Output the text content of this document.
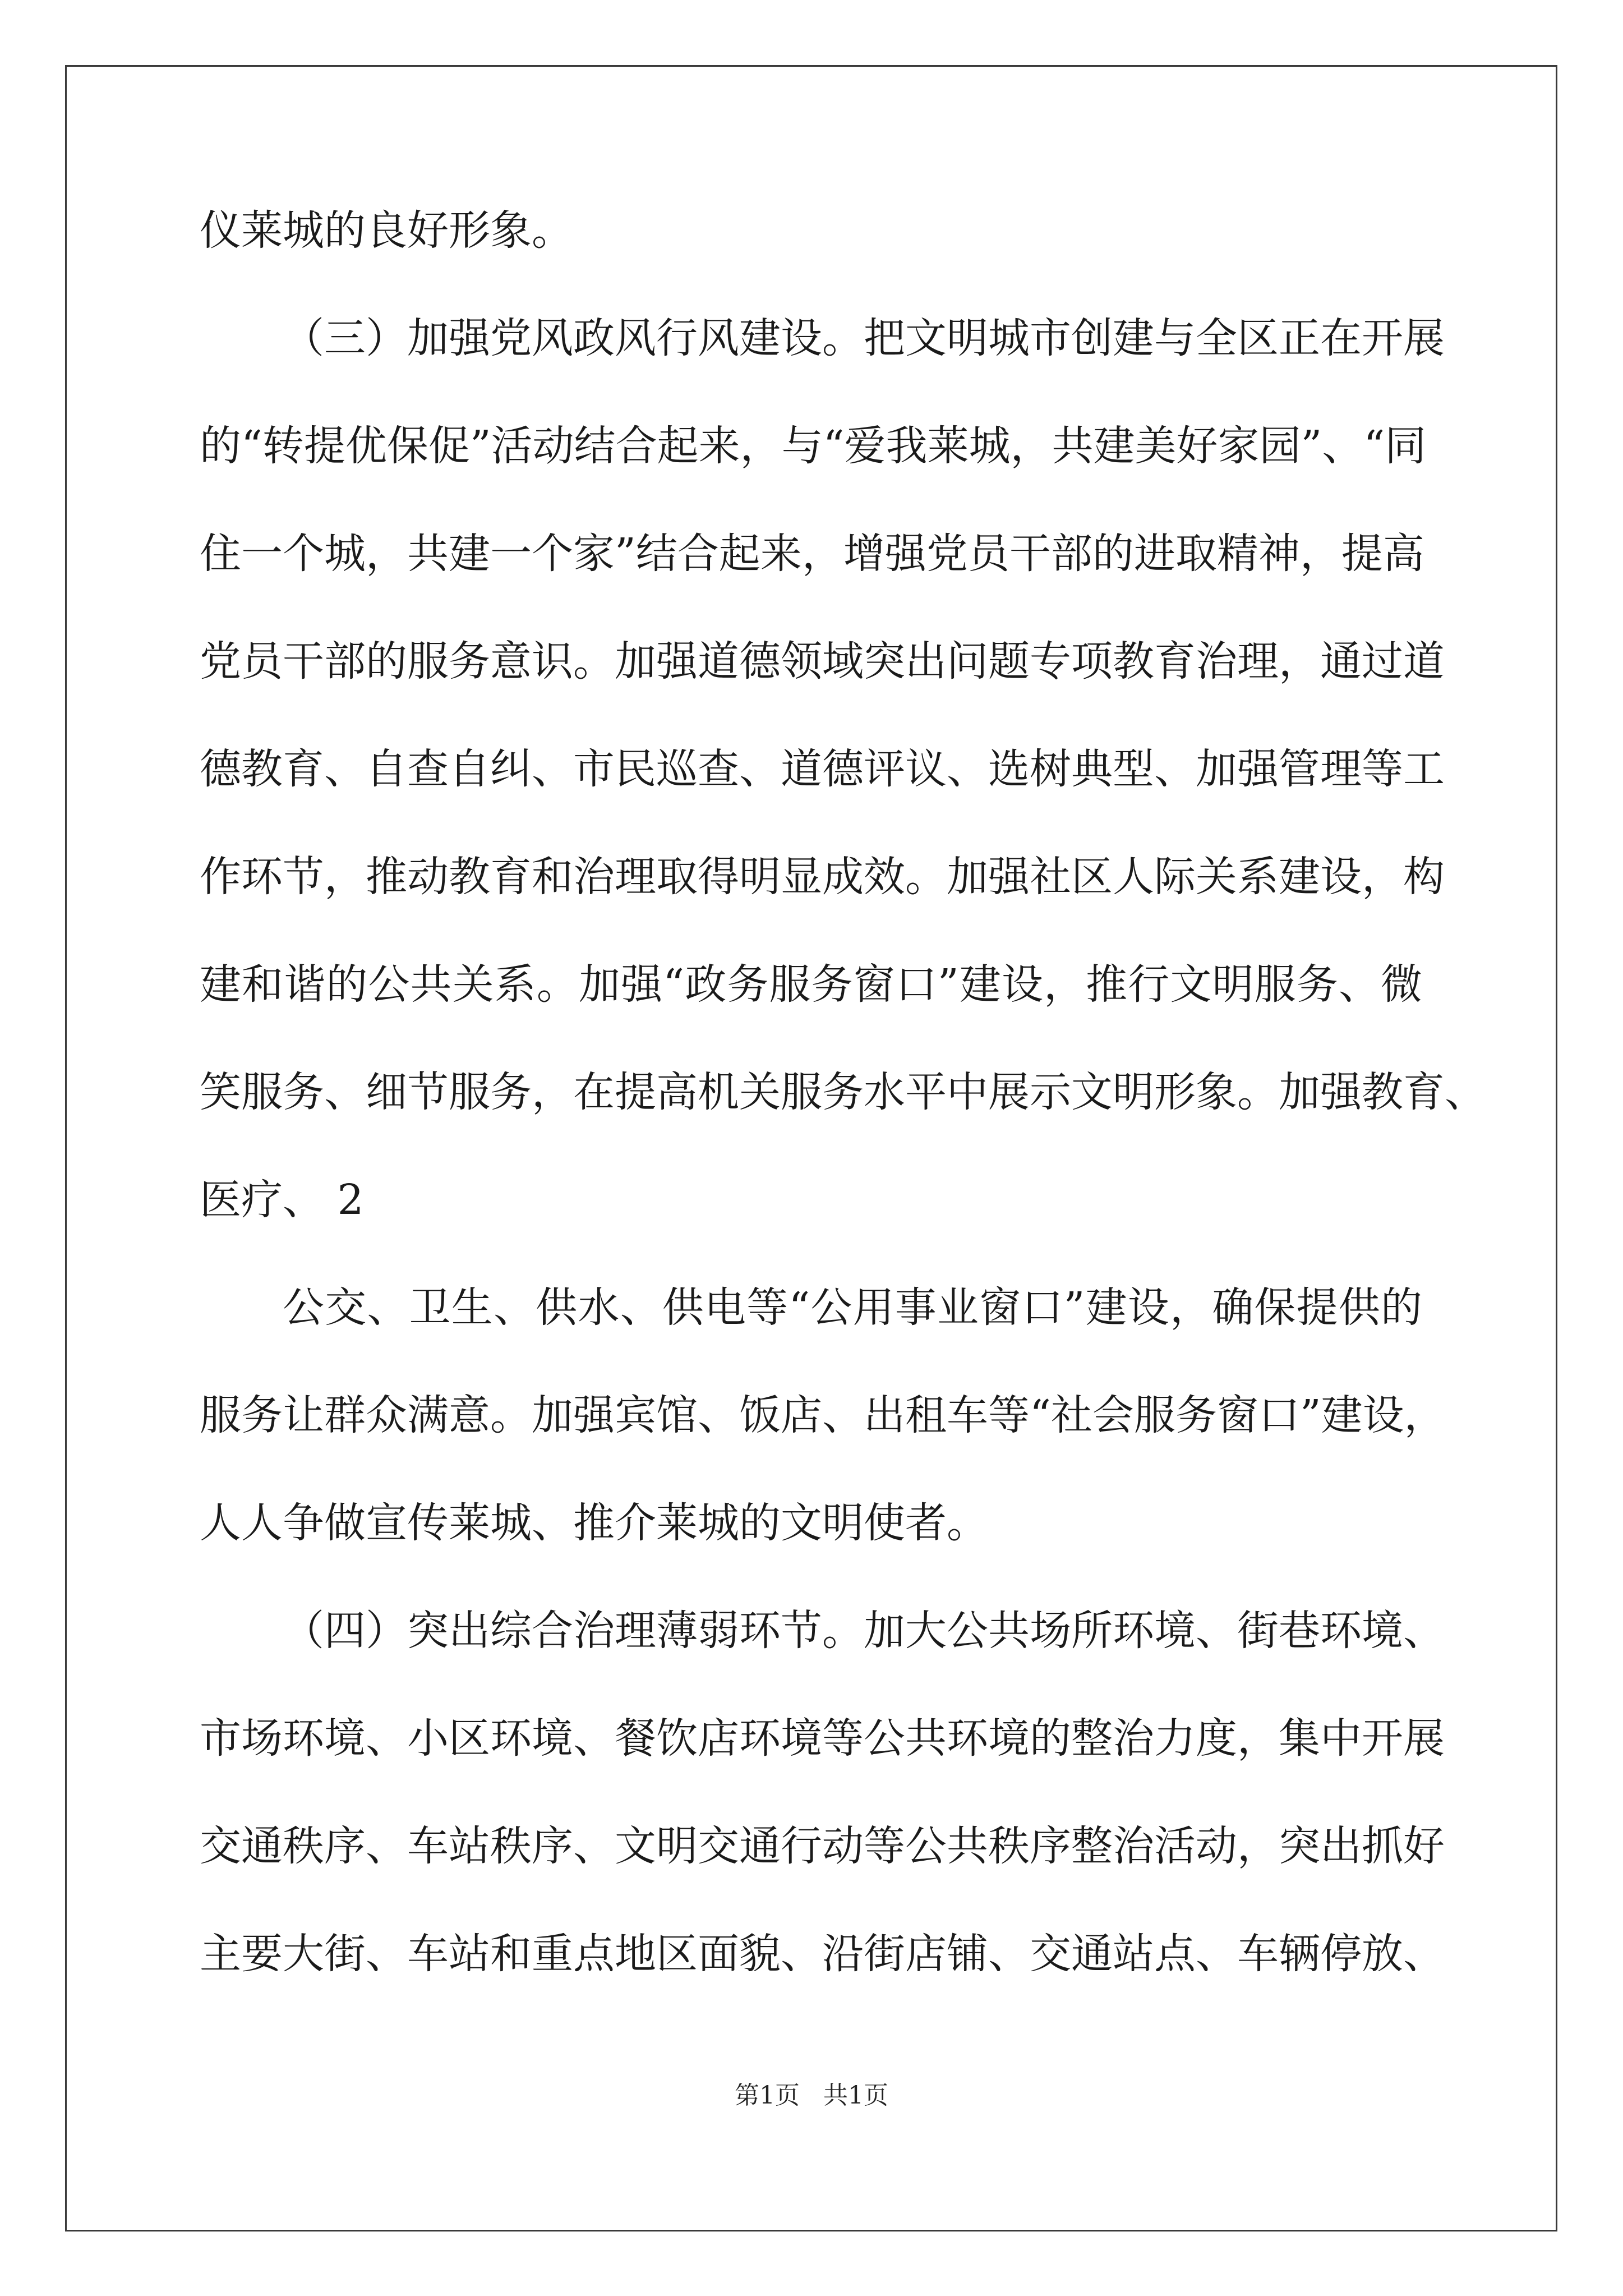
仪莱城的良好形象。
（三）加强党风政风行风建设。把文明城市创建与全区正在开展
的“转提优保促”活动结合起来，与“爱我莱城，共建美好家园”、“同
住一个城，共建一个家”结合起来，增强党员干部的进取精神，提高
党员干部的服务意识。加强道德领域突出问题专项教育治理，通过道
德教育、自查自纠、市民巡查、道德评议、选树典型、加强管理等工
作环节，推动教育和治理取得明显成效。加强社区人际关系建设，构
建和谐的公共关系。加强“政务服务窗口”建设，推行文明服务、微
笑服务、细节服务，在提高机关服务水平中展示文明形象。加强教育、
医疗、 2
公交、卫生、供水、供电等“公用事业窗口”建设，确保提供的
服务让群众满意。加强宾馆、饭店、出租车等“社会服务窗口”建设，
人人争做宣传莱城、推介莱城的文明使者。
（四）突出综合治理薄弱环节。加大公共场所环境、街巷环境、
市场环境、小区环境、餐饮店环境等公共环境的整治力度，集中开展
交通秩序、车站秩序、文明交通行动等公共秩序整治活动，突出抓好
主要大街、车站和重点地区面貌、沿街店铺、交通站点、车辆停放、
第1页   共1页
